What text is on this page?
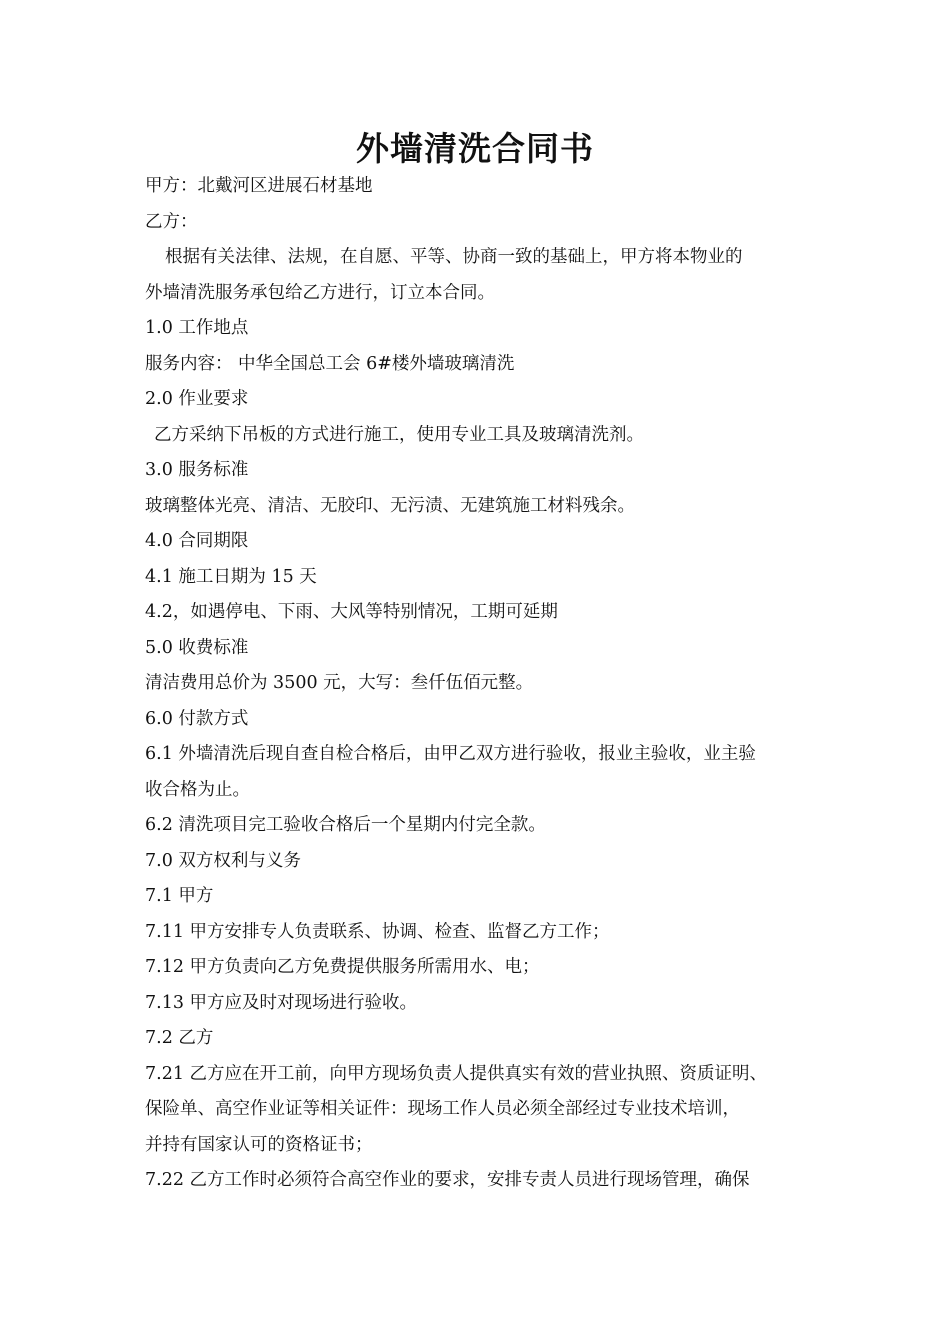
外墙清洗合同书
甲方：北戴河区进展石材基地
乙方：
根据有关法律、法规，在自愿、平等、协商一致的基础上，甲方将本物业的
外墙清洗服务承包给乙方进行，订立本合同。
1.0 工作地点
服务内容： 中华全国总工会 6#楼外墙玻璃清洗
2.0 作业要求
乙方采纳下吊板的方式进行施工，使用专业工具及玻璃清洗剂。
3.0 服务标准
玻璃整体光亮、清洁、无胶印、无污渍、无建筑施工材料残余。
4.0 合同期限
4.1 施工日期为 15 天
4.2，如遇停电、下雨、大风等特别情况，工期可延期
5.0 收费标准
清洁费用总价为 3500 元，大写：叁仟伍佰元整。
6.0 付款方式
6.1 外墙清洗后现自查自检合格后，由甲乙双方进行验收，报业主验收，业主验
收合格为止。
6.2 清洗项目完工验收合格后一个星期内付完全款。
7.0 双方权利与义务
7.1 甲方
7.11 甲方安排专人负责联系、协调、检查、监督乙方工作；
7.12 甲方负责向乙方免费提供服务所需用水、电；
7.13 甲方应及时对现场进行验收。
7.2 乙方
7.21 乙方应在开工前，向甲方现场负责人提供真实有效的营业执照、资质证明、
保险单、高空作业证等相关证件：现场工作人员必须全部经过专业技术培训，
并持有国家认可的资格证书；
7.22 乙方工作时必须符合高空作业的要求，安排专责人员进行现场管理，确保
